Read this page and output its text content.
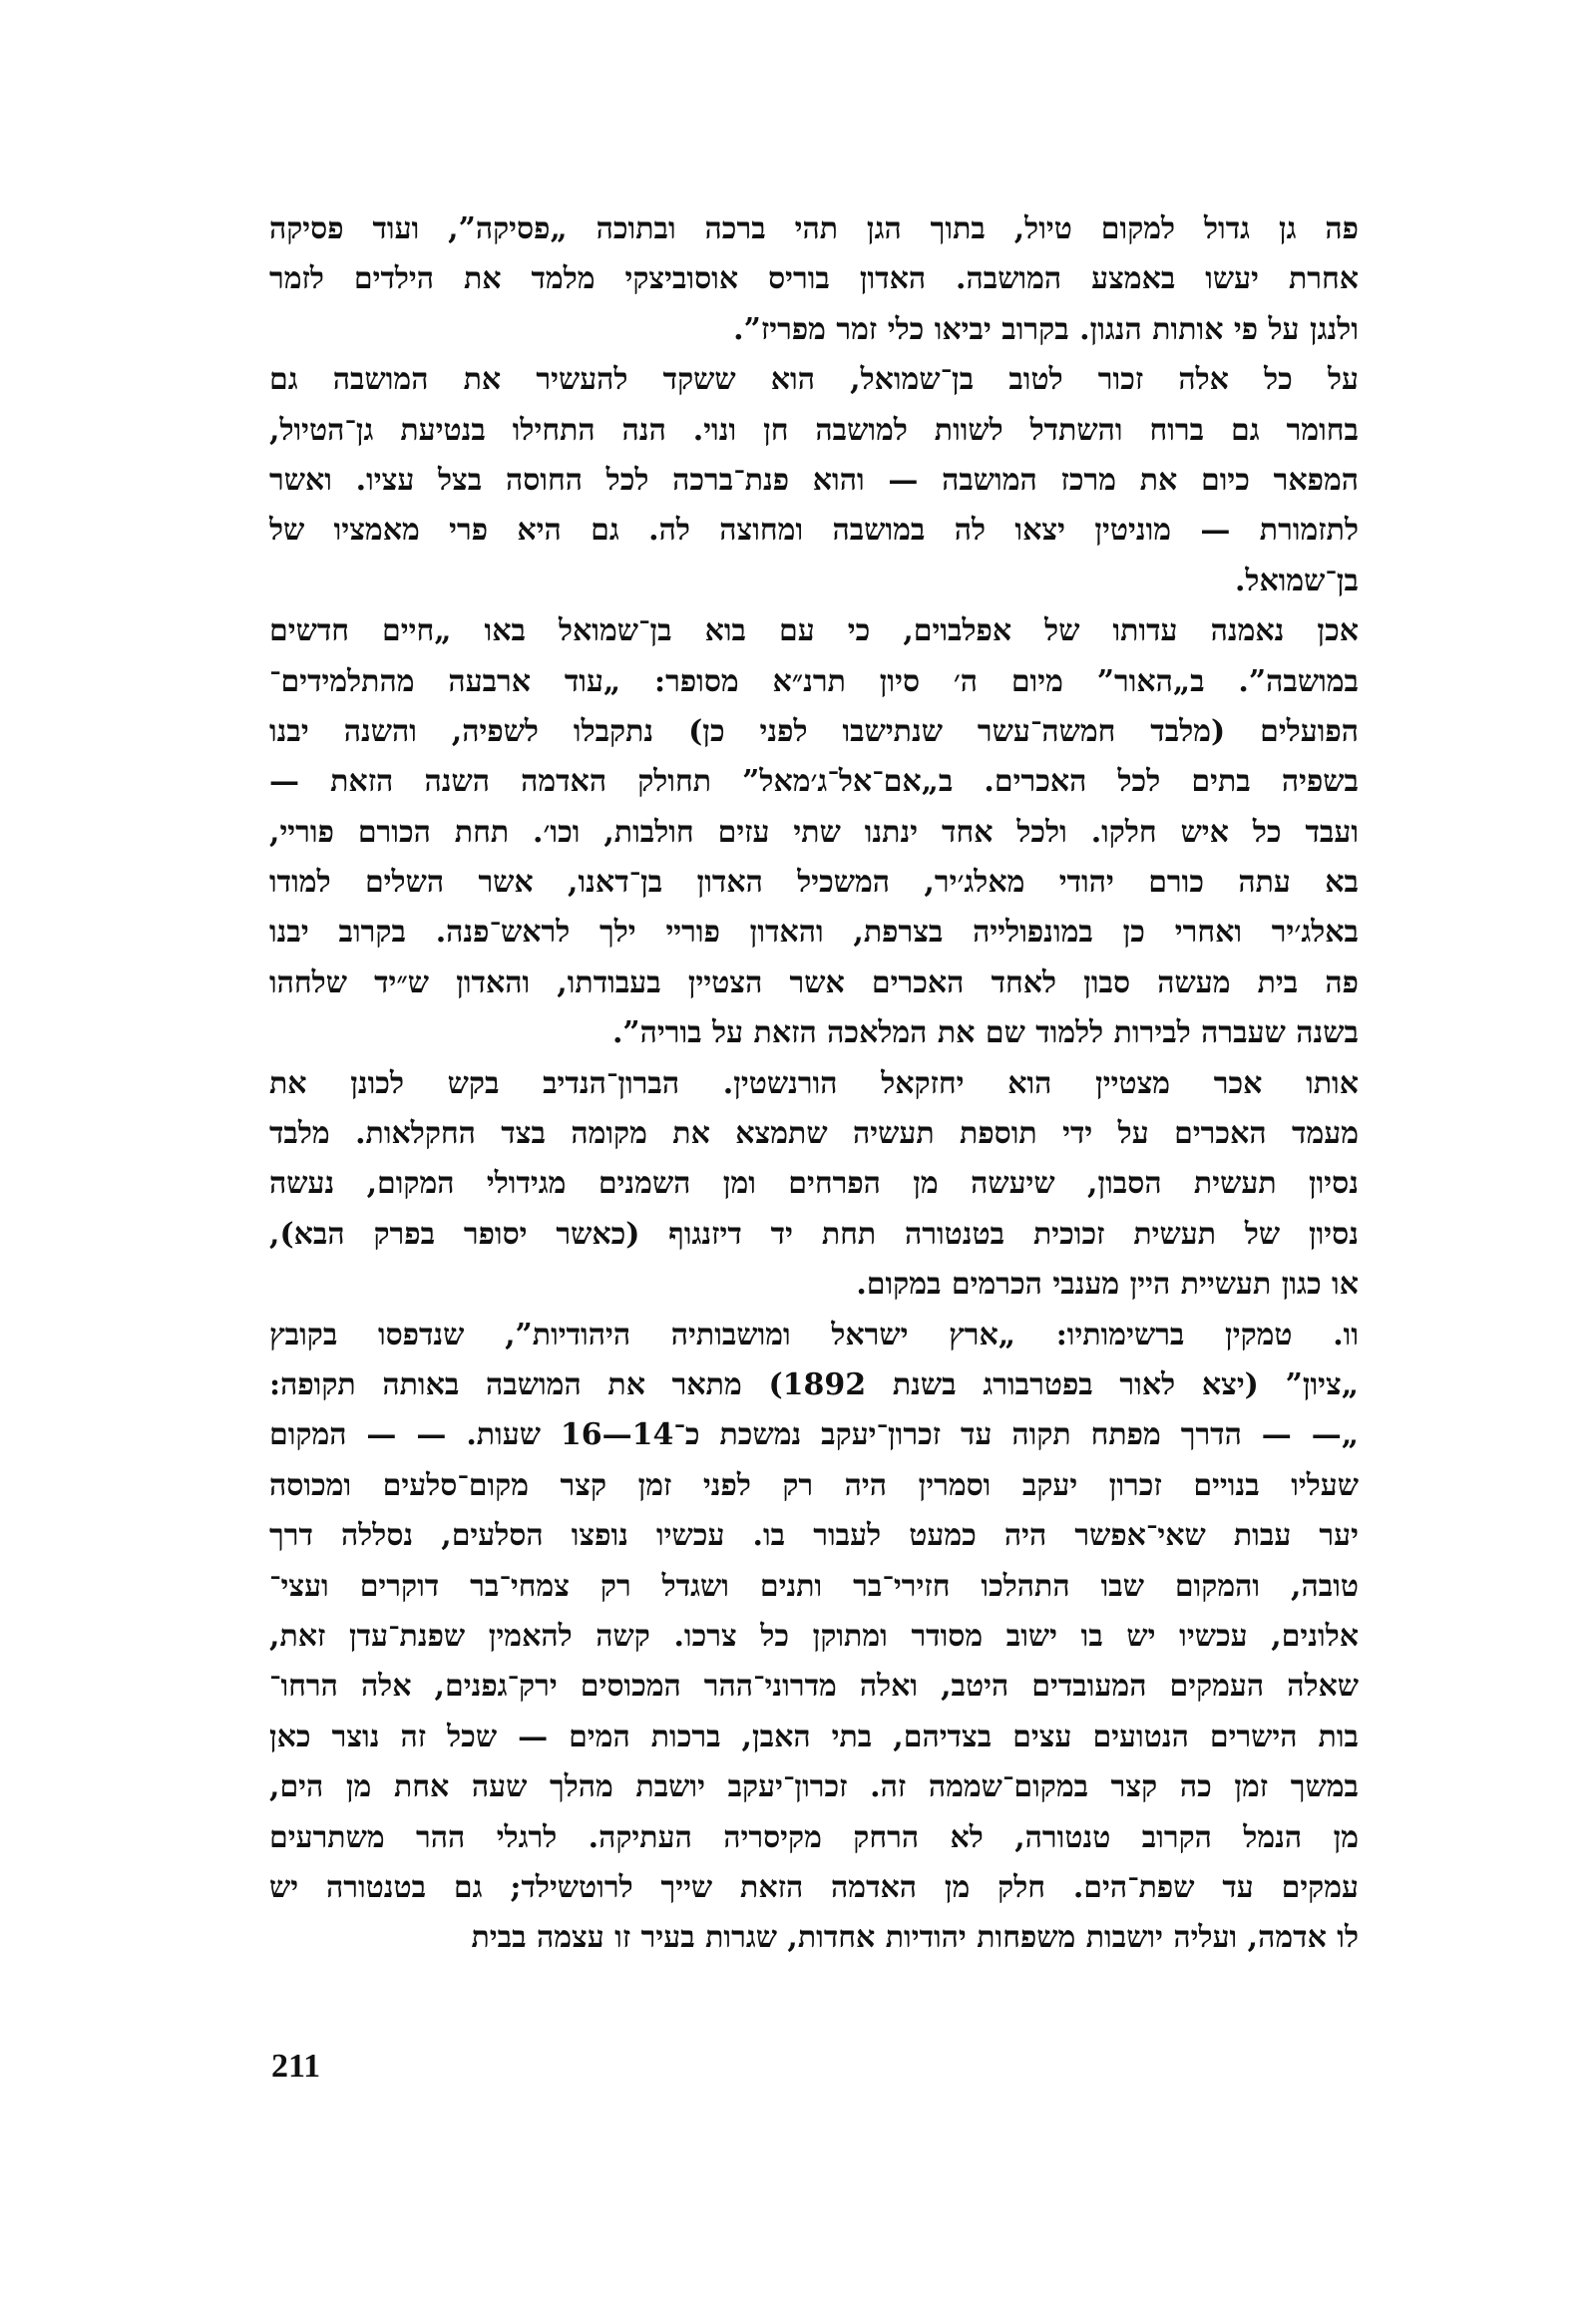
פה גן גדול למקום טיול, בתוך הגן תהי ברכה ובתוכה „פסיקה”, ועוד פסיקה
אחרת יעשו באמצע המושבה. האדון בוריס אוסוביצקי מלמד את הילדים לזמר
ולנגן על פי אותות הנגון. בקרוב יביאו כלי זמר מפריז”.
על כל אלה זכור לטוב בן־שמואל, הוא ששקד להעשיר את המושבה גם
בחומר גם ברוח והשתדל לשוות למושבה חן ונוי. הנה התחילו בנטיעת גן־הטיול,
המפאר כיום את מרכז המושבה — והוא פנת־ברכה לכל החוסה בצל עציו. ואשר
לתזמורת — מוניטין יצאו לה במושבה ומחוצה לה. גם היא פרי מאמציו של
בן־שמואל.
אכן נאמנה עדותו של אפלבוים, כי עם בוא בן־שמואל באו „חיים חדשים
במושבה”. ב„האור” מיום ה׳ סיון תרנ״א מסופר: „עוד ארבעה מהתלמידים־
הפועלים (מלבד חמשה־עשר שנתישבו לפני כן) נתקבלו לשפיה, והשנה יבנו
בשפיה בתים לכל האכרים. ב„אם־אל־ג׳מאל” תחולק האדמה השנה הזאת —
ועבד כל איש חלקו. ולכל אחד ינתנו שתי עזים חולבות, וכו׳. תחת הכורם פוריי,
בא עתה כורם יהודי מאלג׳יר, המשכיל האדון בן־דאנו, אשר השלים למודו
באלג׳יר ואחרי כן במונפולייה בצרפת, והאדון פוריי ילך לראש־פנה. בקרוב יבנו
פה בית מעשה סבון לאחד האכרים אשר הצטיין בעבודתו, והאדון ש״יד שלחהו
בשנה שעברה לבירות ללמוד שם את המלאכה הזאת על בוריה”.
אותו אכר מצטיין הוא יחזקאל הורנשטין. הברון־הנדיב בקש לכונן את
מעמד האכרים על ידי תוספת תעשיה שתמצא את מקומה בצד החקלאות. מלבד
נסיון תעשית הסבון, שיעשה מן הפרחים ומן השמנים מגידולי המקום, נעשה
נסיון של תעשית זכוכית בטנטורה תחת יד דיזנגוף (כאשר יסופר בפרק הבא),
או כגון תעשיית היין מענבי הכרמים במקום.
וו. טמקין ברשימותיו: „ארץ ישראל ומושבותיה היהודיות”, שנדפסו בקובץ
„ציון” (יצא לאור בפטרבורג בשנת 1892) מתאר את המושבה באותה תקופה:
„— — הדרך מפתח תקוה עד זכרון־יעקב נמשכת כ־14—16 שעות. — — המקום
שעליו בנויים זכרון יעקב וסמרין היה רק לפני זמן קצר מקום־סלעים ומכוסה
יער עבות שאי־אפשר היה כמעט לעבור בו. עכשיו נופצו הסלעים, נסללה דרך
טובה, והמקום שבו התהלכו חזירי־בר ותנים ושגדל רק צמחי־בר דוקרים ועצי־
אלונים, עכשיו יש בו ישוב מסודר ומתוקן כל צרכו. קשה להאמין שפנת־עדן זאת,
שאלה העמקים המעובדים היטב, ואלה מדרוני־ההר המכוסים ירק־גפנים, אלה הרחו־
בות הישרים הנטועים עצים בצדיהם, בתי האבן, ברכות המים — שכל זה נוצר כאן
במשך זמן כה קצר במקום־שממה זה. זכרון־יעקב יושבת מהלך שעה אחת מן הים,
מן הנמל הקרוב טנטורה, לא הרחק מקיסריה העתיקה. לרגלי ההר משתרעים
עמקים עד שפת־הים. חלק מן האדמה הזאת שייך לרוטשילד; גם בטנטורה יש
לו אדמה, ועליה יושבות משפחות יהודיות אחדות, שגרות בעיר זו עצמה בבית
211
